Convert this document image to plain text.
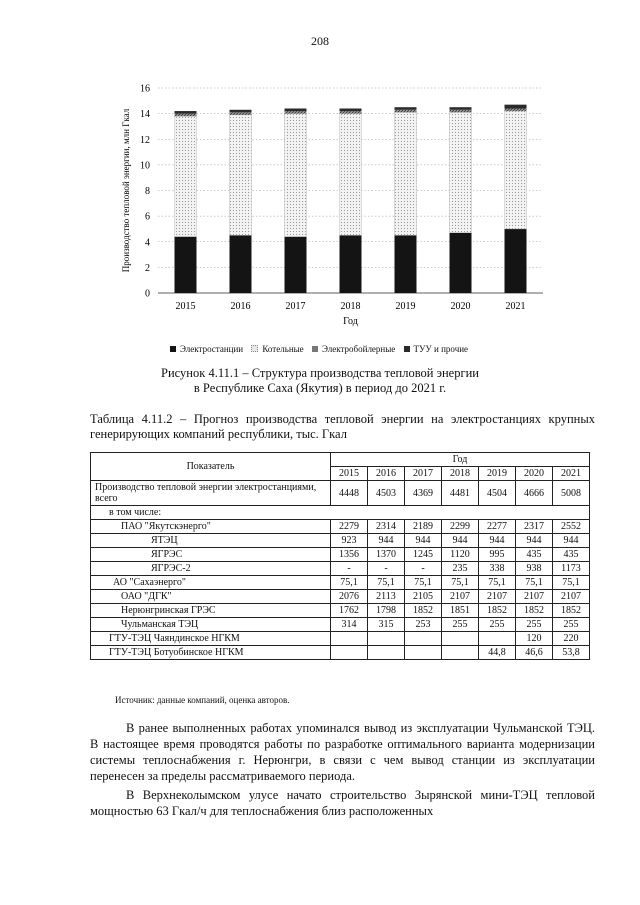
208
0
2
4
6
8
10
12
14
16
2015	2016	2017	2018	2019	2020	2021
Год
Производство тепловой энергии, млн Гкал
Электростанции Котельные Электробойлерные ТУУ и прочие
Рисунок 4.11.1 – Структура производства тепловой энергии
в Республике Саха (Якутия) в период до 2021 г.
Таблица 4.11.2 – Прогноз производства тепловой энергии на электростанциях крупных генерирующих компаний республики, тыс. Гкал
Показатель	Год						
	2015	2016	2017	2018	2019	2020	2021
Производство тепловой энергии электростанциями, всего	4448	4503	4369	4481	4504	4666	5008
в том числе:							
ПАО "Якутскэнерго"	2279	2314	2189	2299	2277	2317	2552
ЯТЭЦ	923	944	944	944	944	944	944
ЯГРЭС	1356	1370	1245	1120	995	435	435
ЯГРЭС-2	-	-	-	235	338	938	1173
АО "Сахаэнерго"	75,1	75,1	75,1	75,1	75,1	75,1	75,1
ОАО "ДГК"	2076	2113	2105	2107	2107	2107	2107
Нерюнгринская ГРЭС	1762	1798	1852	1851	1852	1852	1852
Чульманская ТЭЦ	314	315	253	255	255	255	255
ГТУ-ТЭЦ Чаяндинское НГКМ						120	220
ГТУ-ТЭЦ Ботуобинское НГКМ					44,8	46,6	53,8
Источник: данные компаний, оценка авторов.

В ранее выполненных работах упоминался вывод из эксплуатации Чульманской ТЭЦ. В настоящее время проводятся работы по разработке оптимального варианта модернизации системы теплоснабжения г. Нерюнгри, в связи с чем вывод станции из эксплуатации перенесен за пределы рассматриваемого периода.

В Верхнеколымском улусе начато строительство Зырянской мини-ТЭЦ тепловой мощностью 63 Гкал/ч для теплоснабжения близ расположенных
